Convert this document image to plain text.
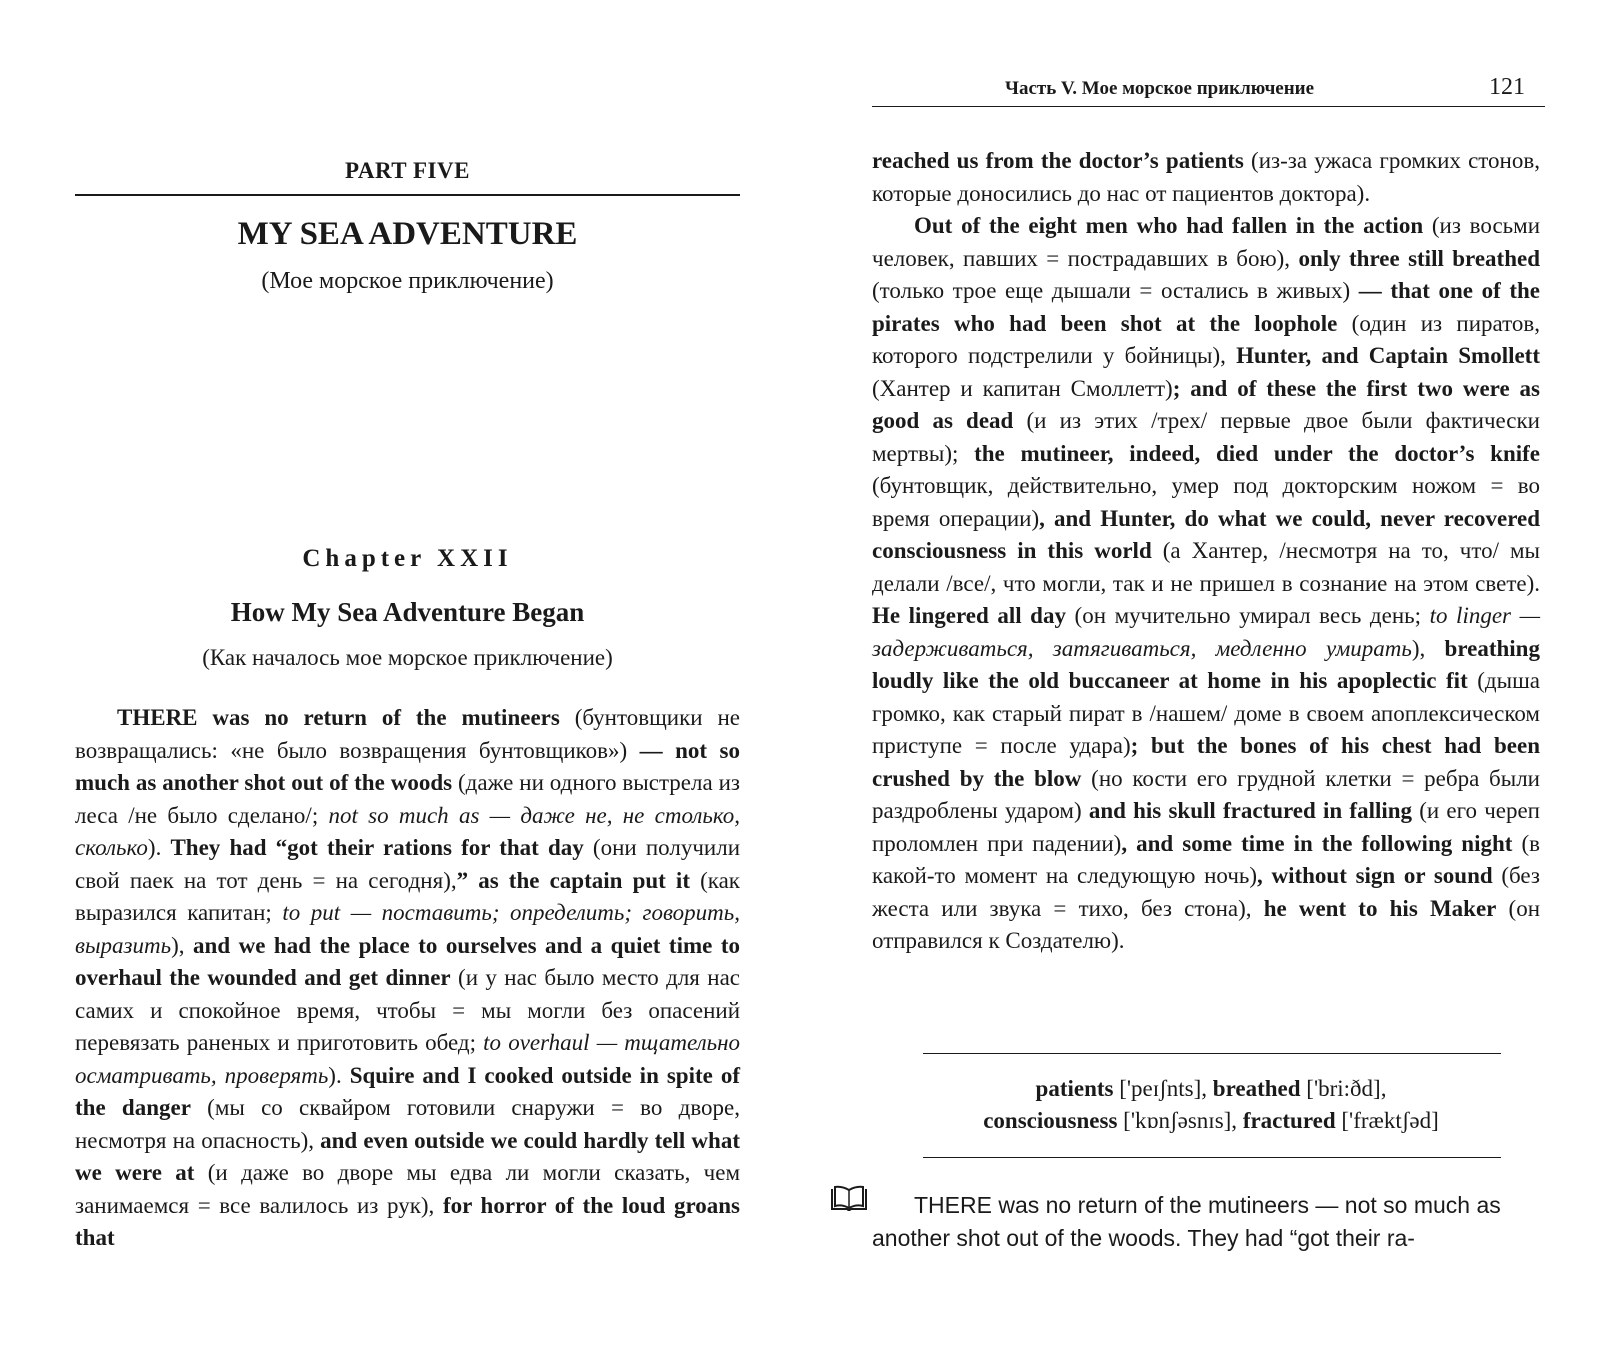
PART FIVE
MY SEA ADVENTURE
(Мое морское приключение)
Chapter XXII
How My Sea Adventure Began
(Как началось мое морское приключение)

THERE was no return of the mutineers (бунтовщики не возвращались: «не было возвращения бунтовщиков») — not so much as another shot out of the woods (даже ни одного выстрела из леса /не было сделано/; not so much as — даже не, не столько, сколько). They had “got their rations for that day (они получили свой паек на тот день = на сегодня),” as the captain put it (как выразился капитан; to put — поставить; определить; говорить, выразить), and we had the place to ourselves and a quiet time to overhaul the wounded and get dinner (и у нас было место для нас самих и спокойное время, чтобы = мы могли без опасений перевязать раненых и приготовить обед; to overhaul — тщательно осматривать, проверять). Squire and I cooked outside in spite of the danger (мы со сквайром готовили снаружи = во дворе, несмотря на опасность), and even outside we could hardly tell what we were at (и даже во дворе мы едва ли могли сказать, чем занимаемся = все валилось из рук), for horror of the loud groans that

Часть V. Мое морское приключение	121

reached us from the doctor’s patients (из-за ужаса громких стонов, которые доносились до нас от пациентов доктора).
Out of the eight men who had fallen in the action (из восьми человек, павших = пострадавших в бою), only three still breathed (только трое еще дышали = остались в живых) — that one of the pirates who had been shot at the loophole (один из пиратов, которого подстрелили у бойницы), Hunter, and Captain Smollett (Хантер и капитан Смоллетт); and of these the first two were as good as dead (и из этих /трех/ первые двое были фактически мертвы); the mutineer, indeed, died under the doctor’s knife (бунтовщик, действительно, умер под докторским ножом = во время операции), and Hunter, do what we could, never recovered consciousness in this world (а Хантер, /несмотря на то, что/ мы делали /все/, что могли, так и не пришел в сознание на этом свете). He lingered all day (он мучительно умирал весь день; to linger — задерживаться, затягиваться, медленно умирать), breathing loudly like the old buccaneer at home in his apoplectic fit (дыша громко, как старый пират в /нашем/ доме в своем апоплексическом приступе = после удара); but the bones of his chest had been crushed by the blow (но кости его грудной клетки = ребра были раздроблены ударом) and his skull fractured in falling (и его череп проломлен при падении), and some time in the following night (в какой-то момент на следующую ночь), without sign or sound (без жеста или звука = тихо, без стона), he went to his Maker (он отправился к Создателю).

patients ['peɪʃnts], breathed ['bri:ðd],
consciousness ['kɒnʃəsnɪs], fractured ['fræktʃəd]
THERE was no return of the mutineers — not so much as another shot out of the woods. They had “got their ra-
